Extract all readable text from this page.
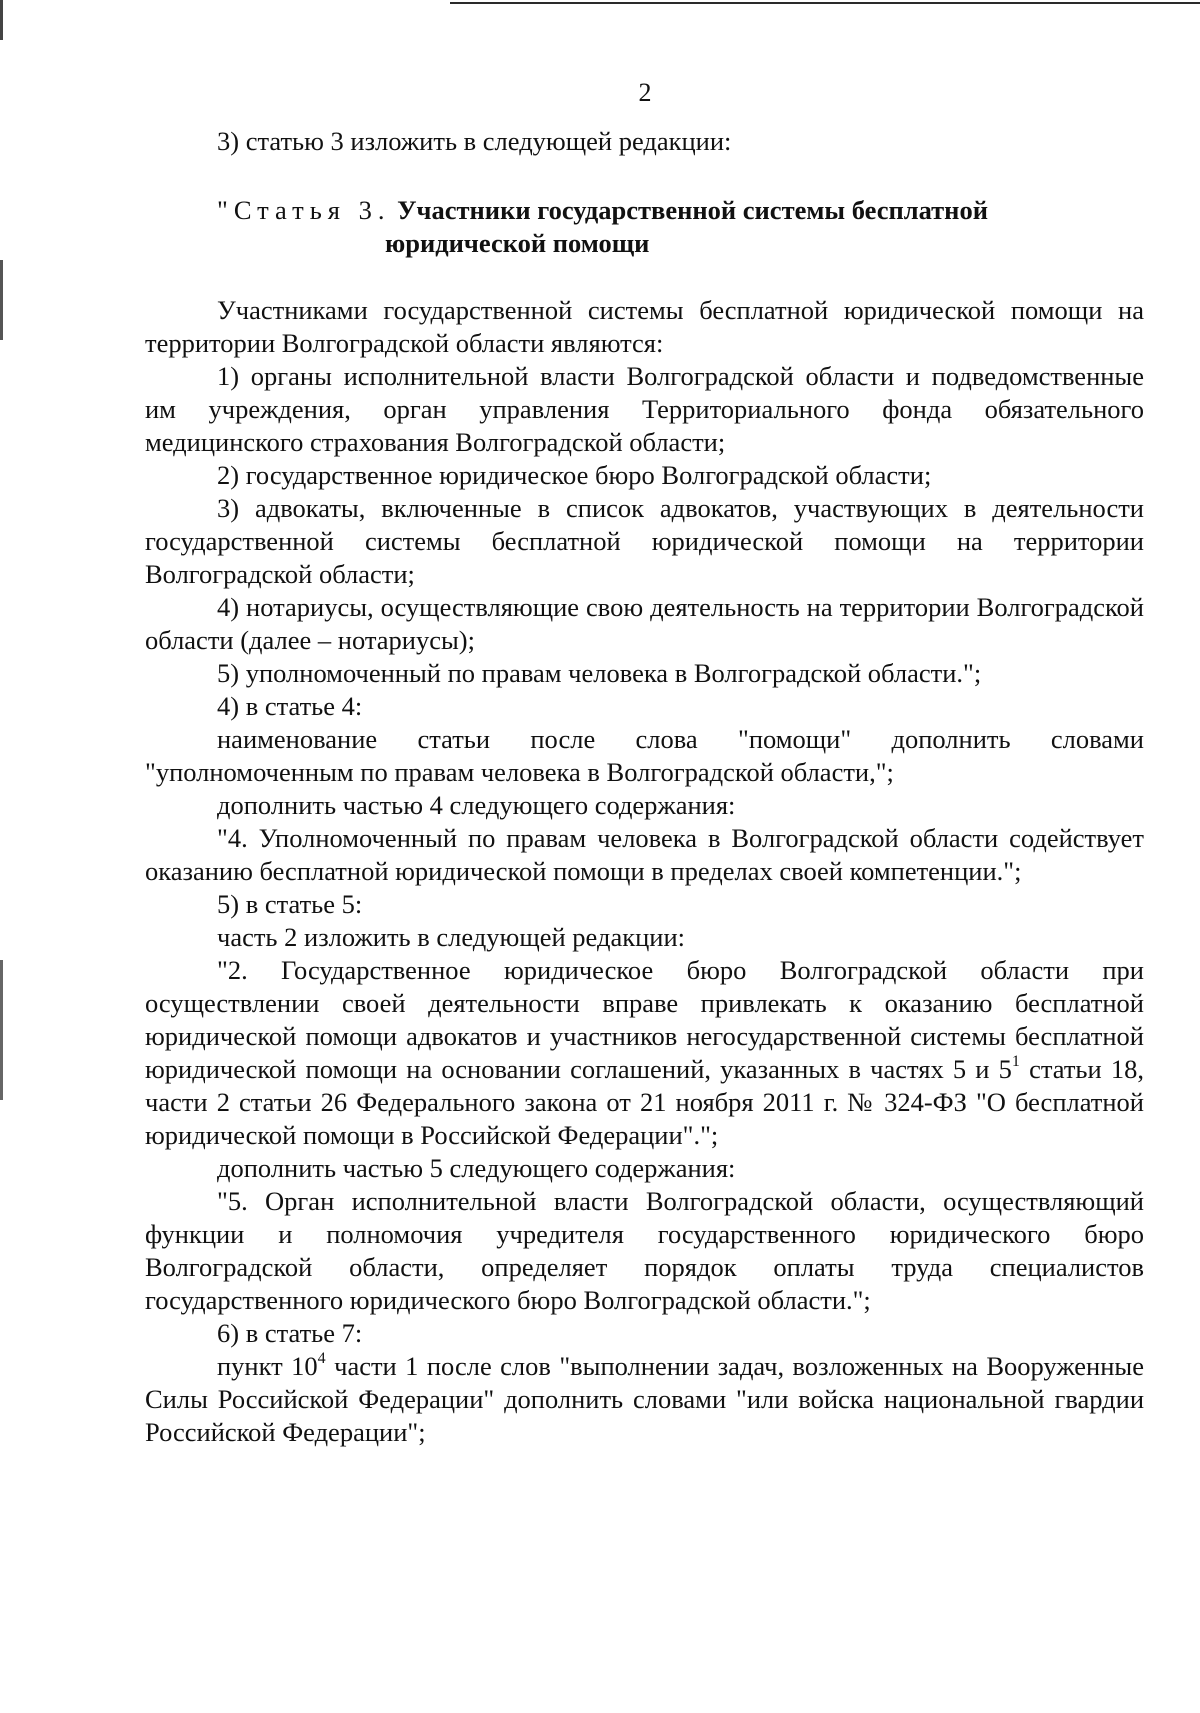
2

3) статью 3 изложить в следующей редакции:

"Статья 3. Участники государственной системы бесплатной
юридической помощи

Участниками государственной системы бесплатной юридической помощи на территории Волгоградской области являются:

1) органы исполнительной власти Волгоградской области и подведомственные им учреждения, орган управления Территориального фонда обязательного медицинского страхования Волгоградской области;

2) государственное юридическое бюро Волгоградской области;

3) адвокаты, включенные в список адвокатов, участвующих в деятельности государственной системы бесплатной юридической помощи на территории Волгоградской области;

4) нотариусы, осуществляющие свою деятельность на территории Волгоградской области (далее – нотариусы);

5) уполномоченный по правам человека в Волгоградской области.";

4) в статье 4:

наименование статьи после слова "помощи" дополнить словами "уполномоченным по правам человека в Волгоградской области,";

дополнить частью 4 следующего содержания:

"4. Уполномоченный по правам человека в Волгоградской области содействует оказанию бесплатной юридической помощи в пределах своей компетенции.";

5) в статье 5:

часть 2 изложить в следующей редакции:

"2. Государственное юридическое бюро Волгоградской области при осуществлении своей деятельности вправе привлекать к оказанию бесплатной юридической помощи адвокатов и участников негосударственной системы бесплатной юридической помощи на основании соглашений, указанных в частях 5 и $5^1$ статьи 18, части 2 статьи 26 Федерального закона от 21 ноября 2011 г. № 324-ФЗ "О бесплатной юридической помощи в Российской Федерации".";

дополнить частью 5 следующего содержания:

"5. Орган исполнительной власти Волгоградской области, осуществляющий функции и полномочия учредителя государственного юридического бюро Волгоградской области, определяет порядок оплаты труда специалистов государственного юридического бюро Волгоградской области.";

6) в статье 7:

пункт $10^4$ части 1 после слов "выполнении задач, возложенных на Вооруженные Силы Российской Федерации" дополнить словами "или войска национальной гвардии Российской Федерации";
